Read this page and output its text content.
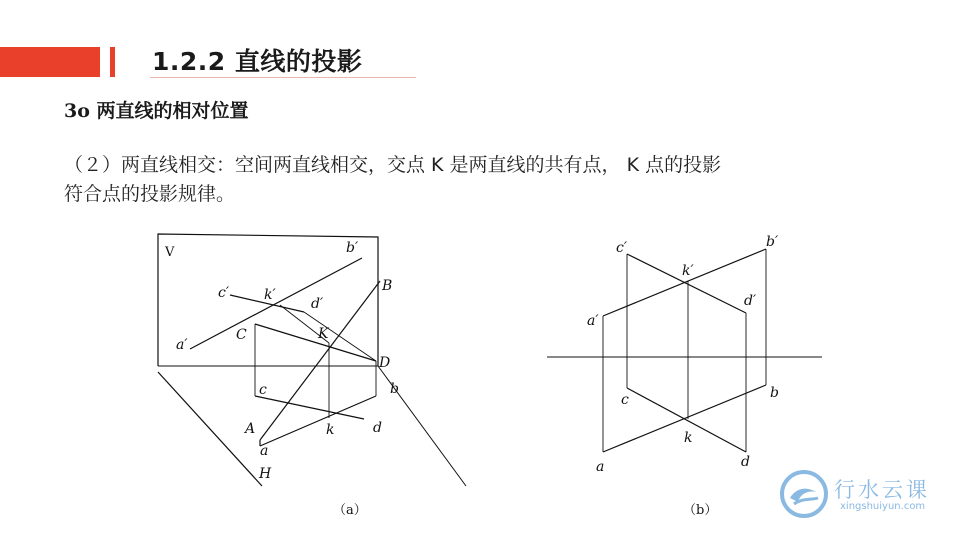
1.2.2 直线的投影
3o 两直线的相对位置

（２）两直线相交：空间两直线相交，交点 K 是两直线的共有点， K 点的投影

符合点的投影规律。

V	b′
c′ k′
d′
B
C	K
a′
D
c	b
A	k	d
a
H
（a）
c′	b′
k′
d′
a′
b
c
k
d
a
（b）
行水云课
xingshuiyun.com
